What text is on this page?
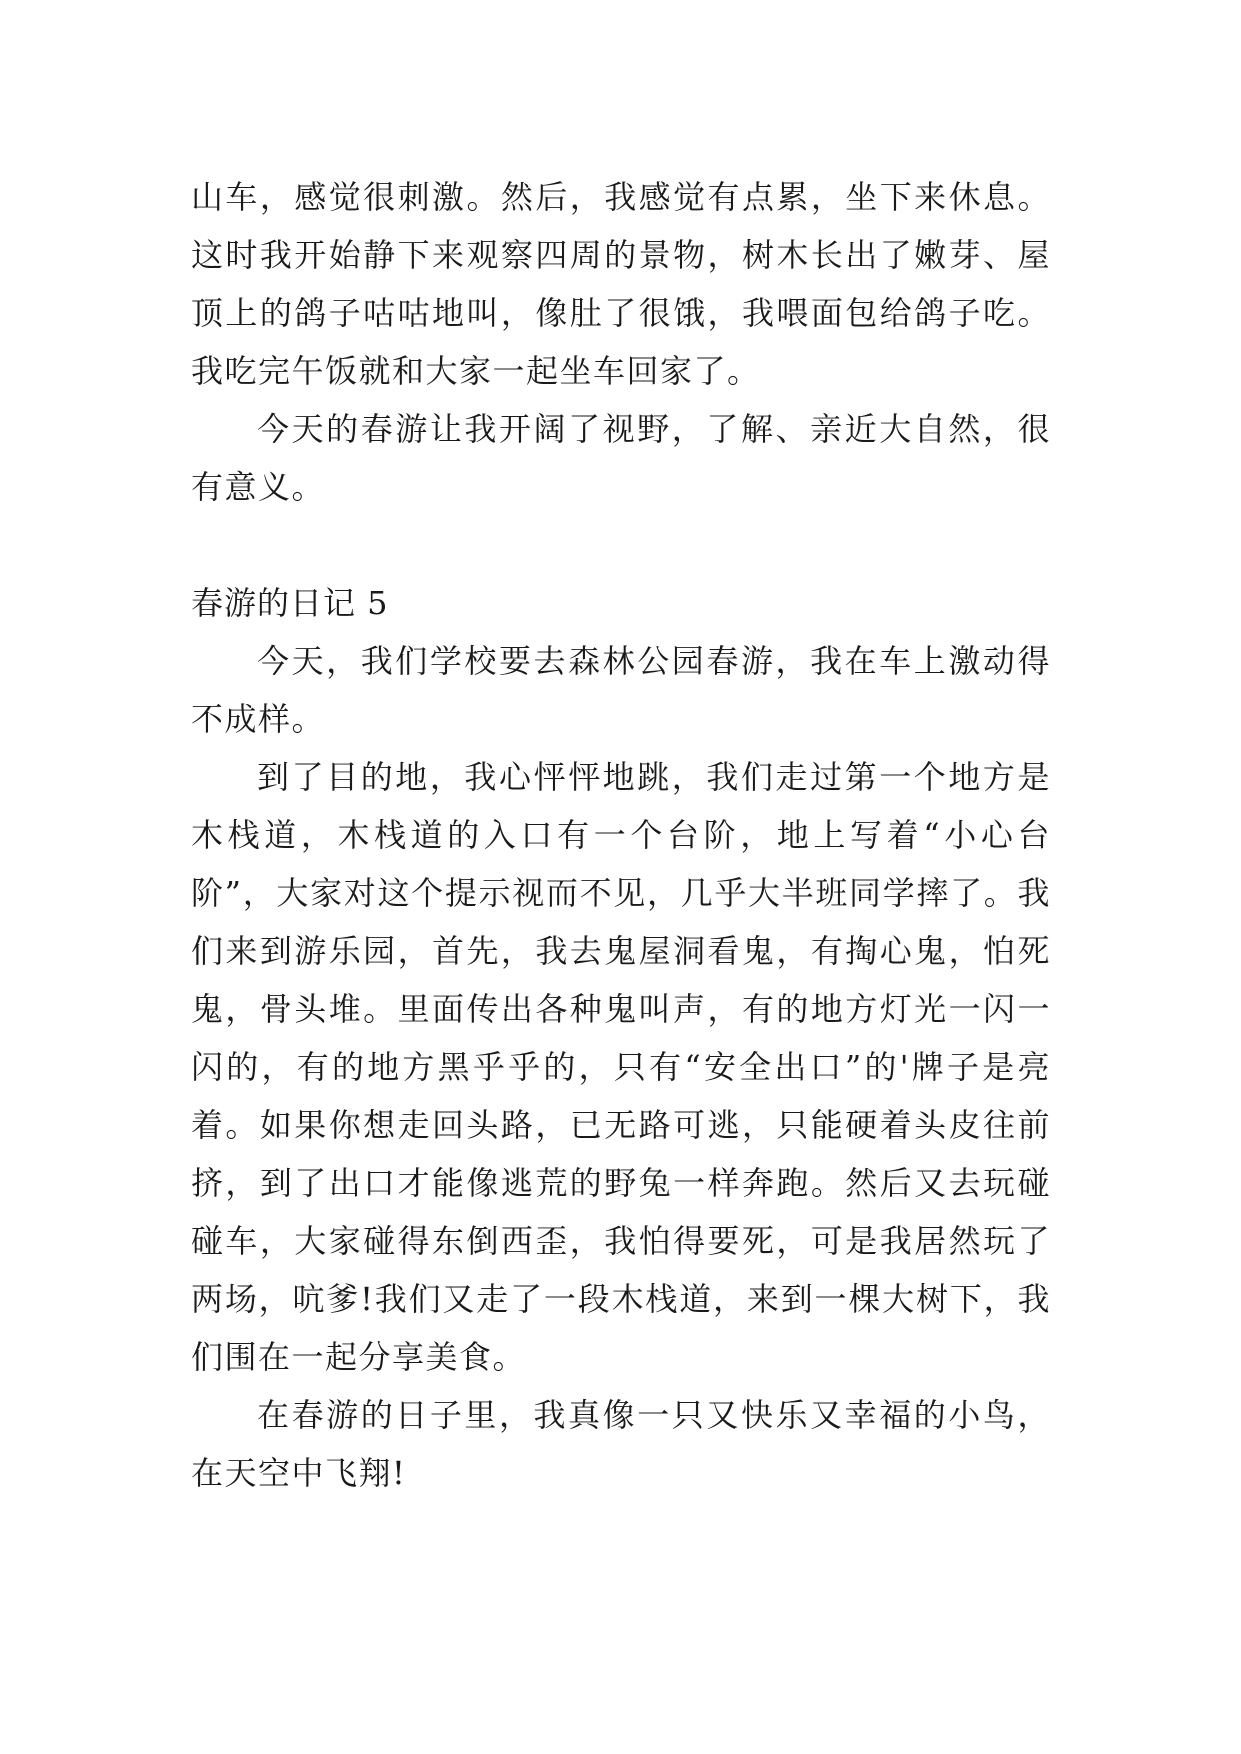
山车，感觉很刺激。然后，我感觉有点累，坐下来休息。这时我开始静下来观察四周的景物，树木长出了嫩芽、屋顶上的鸽子咕咕地叫，像肚了很饿，我喂面包给鸽子吃。我吃完午饭就和大家一起坐车回家了。

今天的春游让我开阔了视野，了解、亲近大自然，很有意义。

春游的日记 5

今天，我们学校要去森林公园春游，我在车上激动得不成样。

到了目的地，我心怦怦地跳，我们走过第一个地方是木栈道，木栈道的入口有一个台阶，地上写着“小心台阶”，大家对这个提示视而不见，几乎大半班同学摔了。我们来到游乐园，首先，我去鬼屋洞看鬼，有掏心鬼，怕死鬼，骨头堆。里面传出各种鬼叫声，有的地方灯光一闪一闪的，有的地方黑乎乎的，只有“安全出口”的'牌子是亮着。如果你想走回头路，已无路可逃，只能硬着头皮往前挤，到了出口才能像逃荒的野兔一样奔跑。然后又去玩碰碰车，大家碰得东倒西歪，我怕得要死，可是我居然玩了两场，吭爹!我们又走了一段木栈道，来到一棵大树下，我们围在一起分享美食。

在春游的日子里，我真像一只又快乐又幸福的小鸟，在天空中飞翔!
